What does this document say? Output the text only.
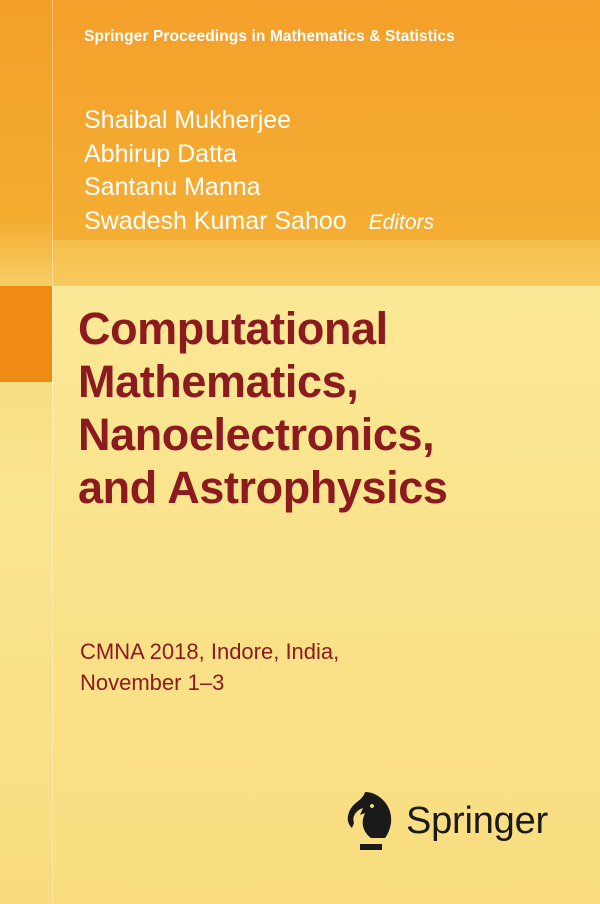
Springer Proceedings in Mathematics & Statistics
Shaibal Mukherjee
Abhirup Datta
Santanu Manna
Swadesh Kumar Sahoo Editors
Computational
Mathematics,
Nanoelectronics,
and Astrophysics
CMNA 2018, Indore, India,
November 1–3
Springer
